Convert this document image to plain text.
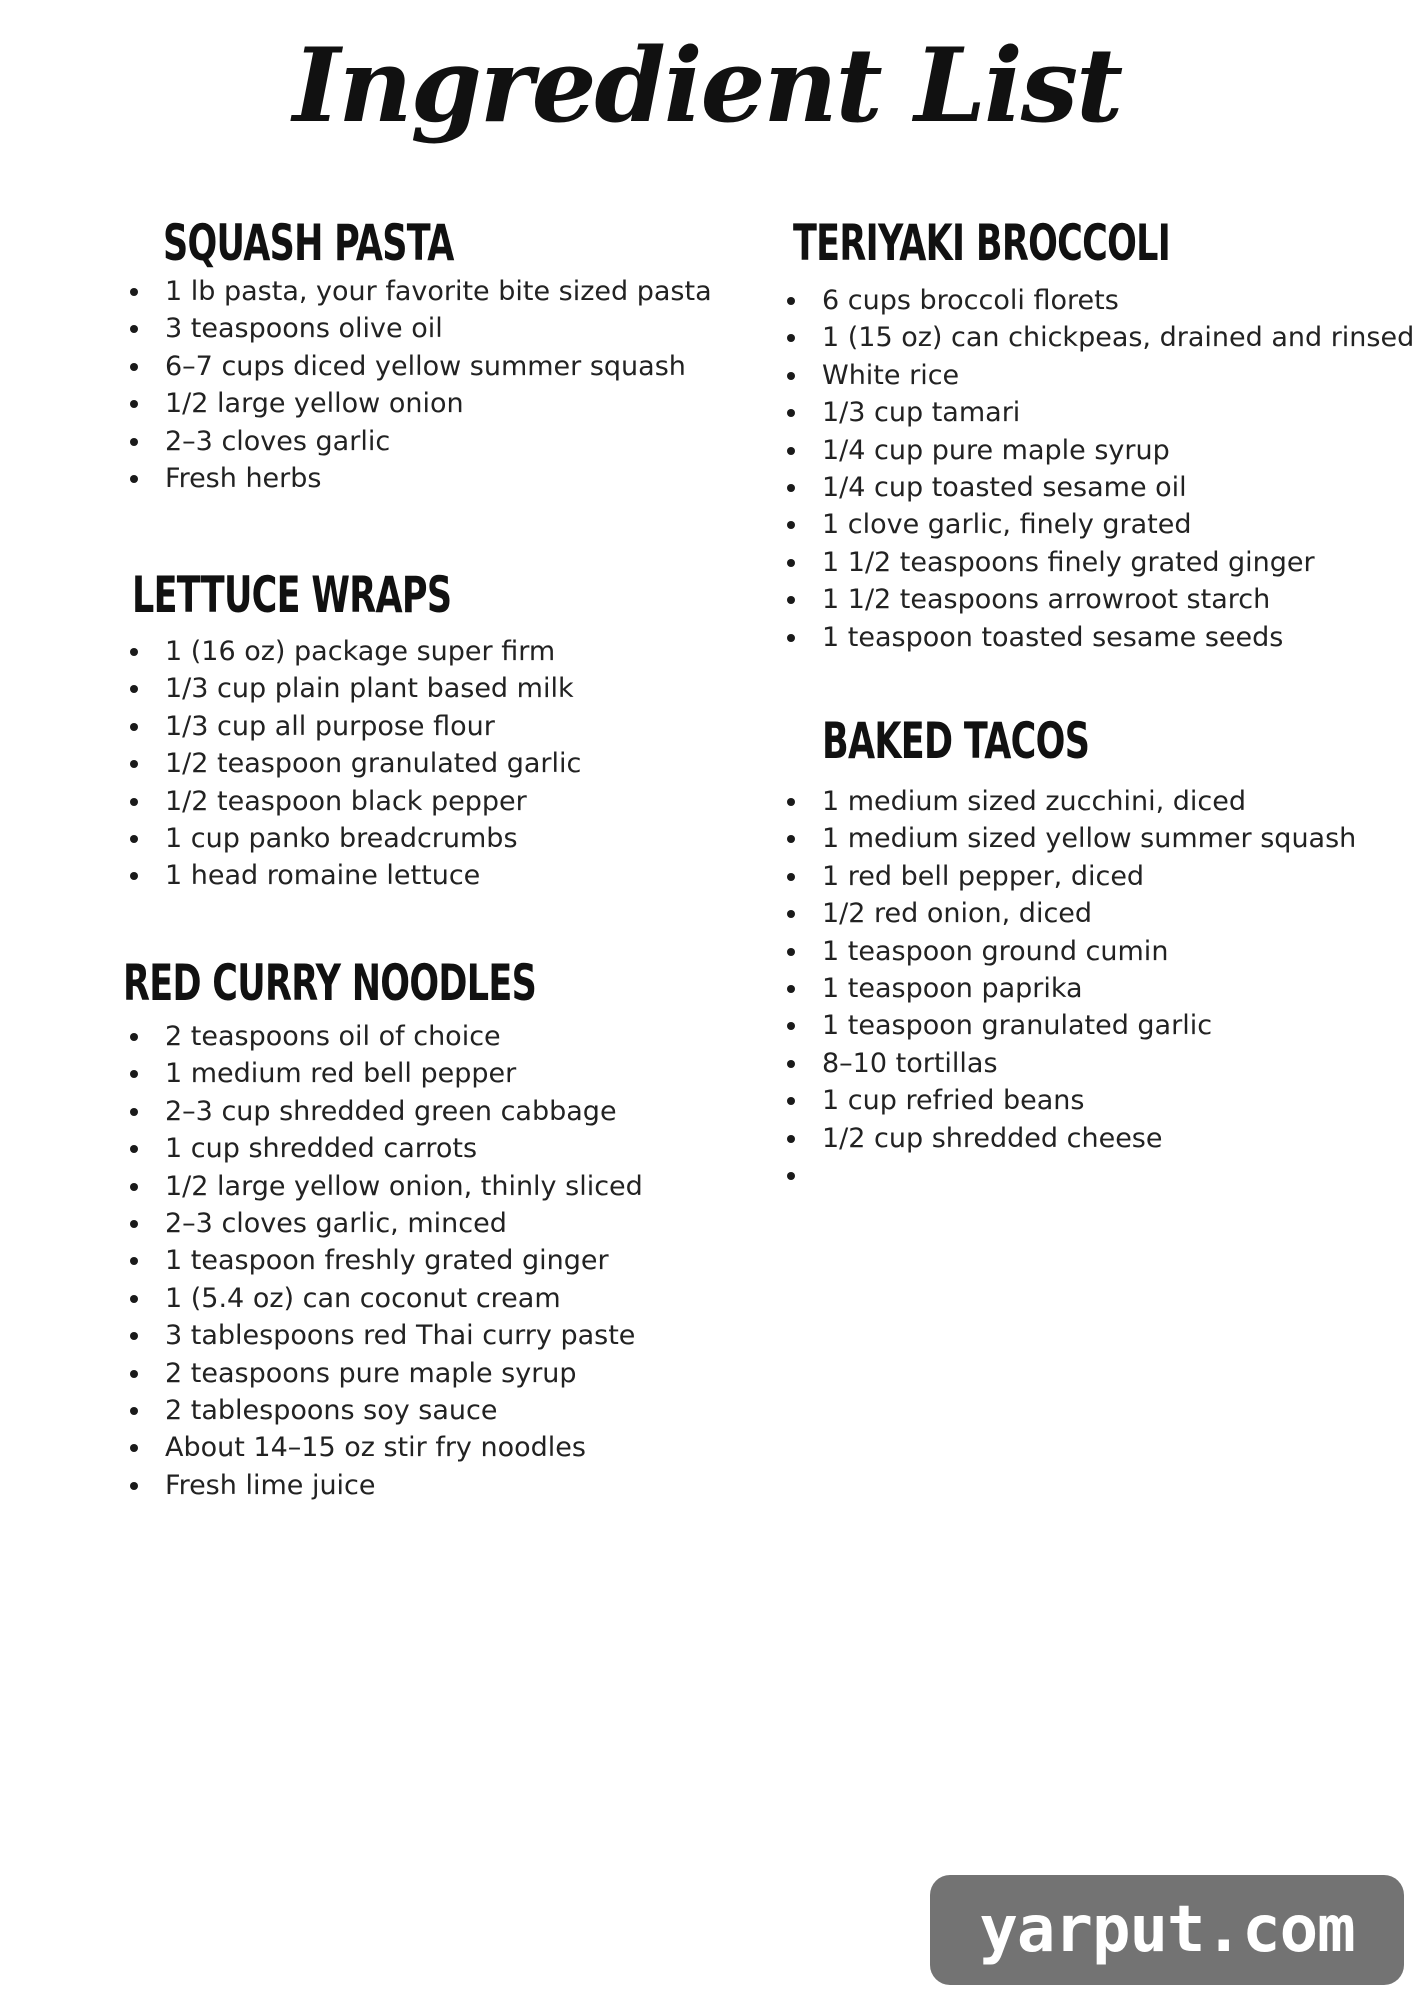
Ingredient List
SQUASH PASTA
1 lb pasta, your favorite bite sized pasta
3 teaspoons olive oil
6–7 cups diced yellow summer squash
1/2 large yellow onion
2–3 cloves garlic
Fresh herbs
LETTUCE WRAPS
1 (16 oz) package super firm
1/3 cup plain plant based milk
1/3 cup all purpose flour
1/2 teaspoon granulated garlic
1/2 teaspoon black pepper
1 cup panko breadcrumbs
1 head romaine lettuce
RED CURRY NOODLES
2 teaspoons oil of choice
1 medium red bell pepper
2–3 cup shredded green cabbage
1 cup shredded carrots
1/2 large yellow onion, thinly sliced
2–3 cloves garlic, minced
1 teaspoon freshly grated ginger
1 (5.4 oz) can coconut cream
3 tablespoons red Thai curry paste
2 teaspoons pure maple syrup
2 tablespoons soy sauce
About 14–15 oz stir fry noodles
Fresh lime juice
TERIYAKI BROCCOLI
6 cups broccoli florets
1 (15 oz) can chickpeas, drained and rinsed
White rice
1/3 cup tamari
1/4 cup pure maple syrup
1/4 cup toasted sesame oil
1 clove garlic, finely grated
1 1/2 teaspoons finely grated ginger
1 1/2 teaspoons arrowroot starch
1 teaspoon toasted sesame seeds
BAKED TACOS
1 medium sized zucchini, diced
1 medium sized yellow summer squash
1 red bell pepper, diced
1/2 red onion, diced
1 teaspoon ground cumin
1 teaspoon paprika
1 teaspoon granulated garlic
8–10 tortillas
1 cup refried beans
1/2 cup shredded cheese
yarput.com
